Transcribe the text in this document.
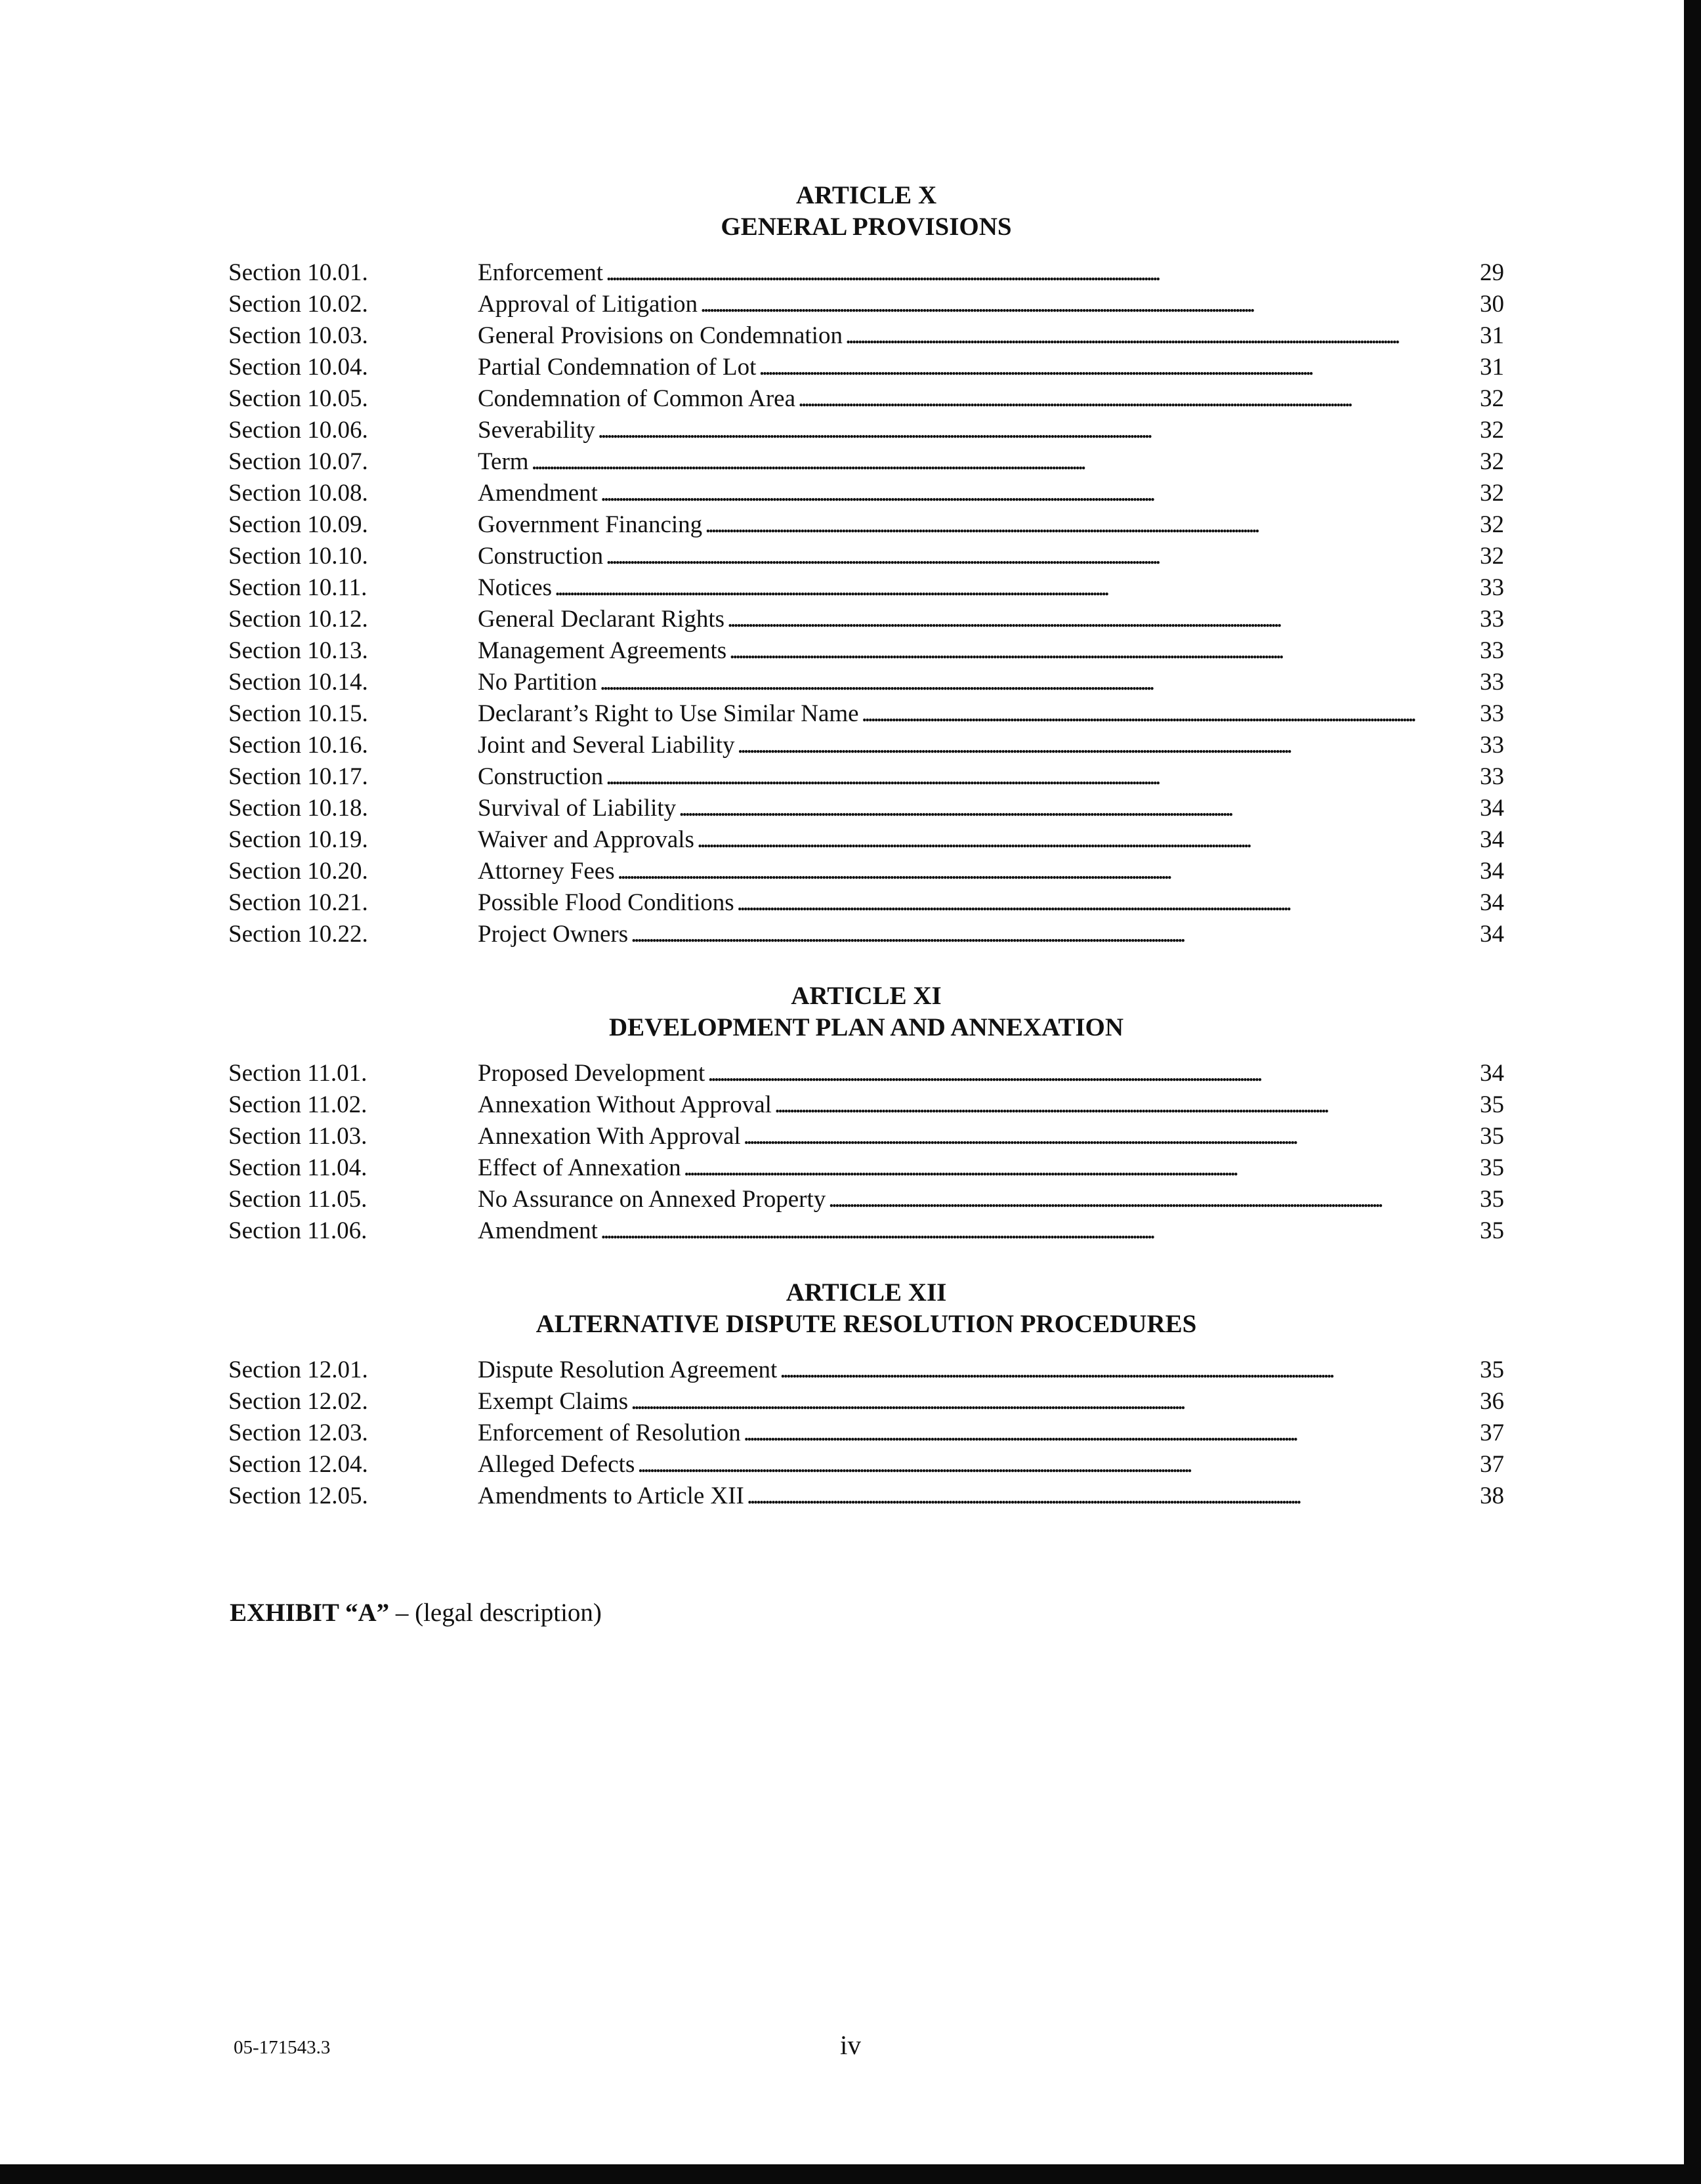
ARTICLE X
GENERAL PROVISIONS
Section 10.01.	Enforcement . . .	29
Section 10.02.	Approval of Litigation . . .	30
Section 10.03.	General Provisions on Condemnation . . .	31
Section 10.04.	Partial Condemnation of Lot . . .	31
Section 10.05.	Condemnation of Common Area . . .	32
Section 10.06.	Severability . . .	32
Section 10.07.	Term . . .	32
Section 10.08.	Amendment . . .	32
Section 10.09.	Government Financing . . .	32
Section 10.10.	Construction . . .	32
Section 10.11.	Notices . . .	33
Section 10.12.	General Declarant Rights . . .	33
Section 10.13.	Management Agreements . . .	33
Section 10.14.	No Partition . . .	33
Section 10.15.	Declarant’s Right to Use Similar Name . . .	33
Section 10.16.	Joint and Several Liability . . .	33
Section 10.17.	Construction . . .	33
Section 10.18.	Survival of Liability . . .	34
Section 10.19.	Waiver and Approvals . . .	34
Section 10.20.	Attorney Fees . . .	34
Section 10.21.	Possible Flood Conditions . . .	34
Section 10.22.	Project Owners . . .	34
ARTICLE XI
DEVELOPMENT PLAN AND ANNEXATION
Section 11.01.	Proposed Development . . .	34
Section 11.02.	Annexation Without Approval . . .	35
Section 11.03.	Annexation With Approval . . .	35
Section 11.04.	Effect of Annexation . . .	35
Section 11.05.	No Assurance on Annexed Property . . .	35
Section 11.06.	Amendment . . .	35
ARTICLE XII
ALTERNATIVE DISPUTE RESOLUTION PROCEDURES
Section 12.01.	Dispute Resolution Agreement . . .	35
Section 12.02.	Exempt Claims . . .	36
Section 12.03.	Enforcement of Resolution . . .	37
Section 12.04.	Alleged Defects . . .	37
Section 12.05.	Amendments to Article XII . . .	38
EXHIBIT “A” – (legal description)
05-171543.3	iv
